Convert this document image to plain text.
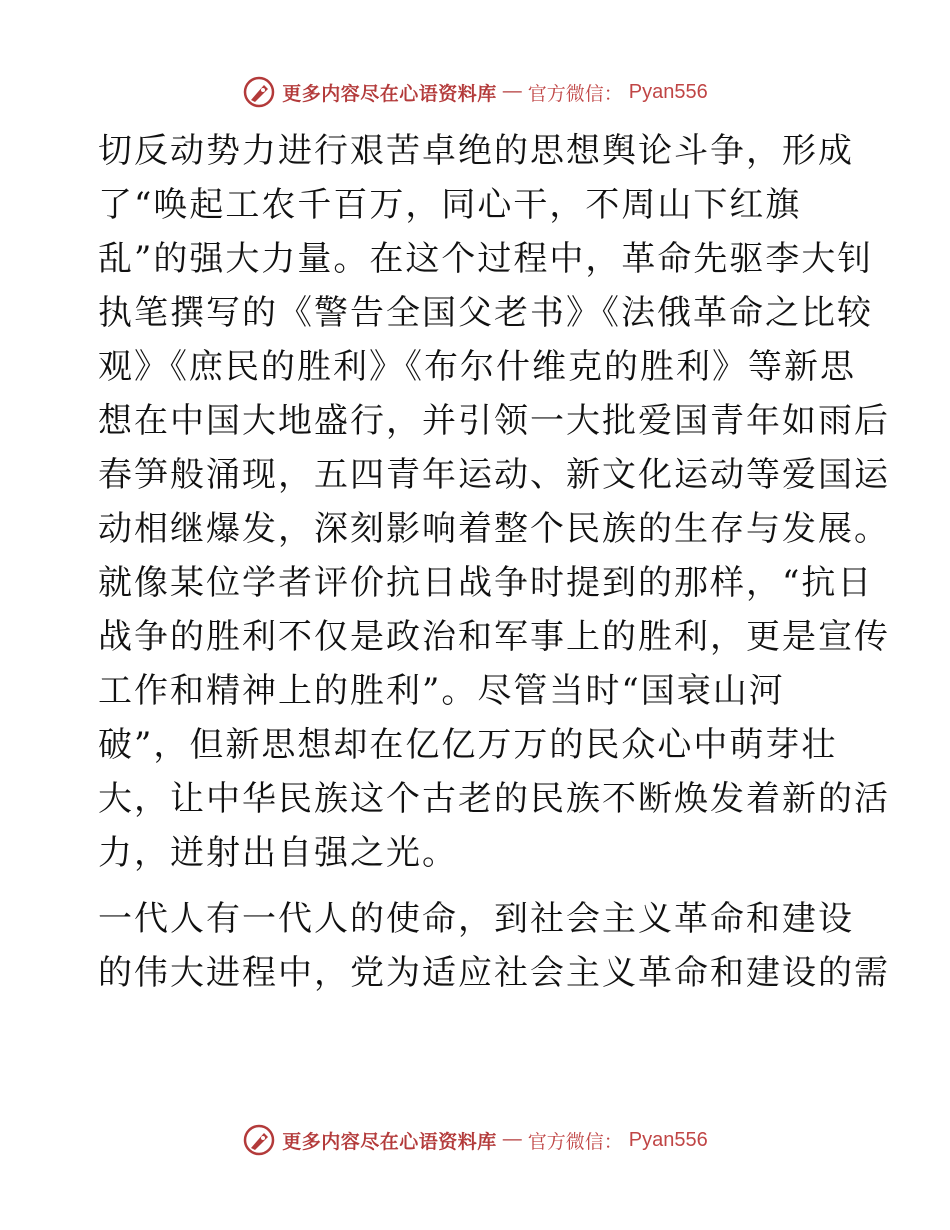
更多内容尽在心语资料库 — 官方微信： Pyan556
切反动势力进行艰苦卓绝的思想舆论斗争，形成
了“唤起工农千百万，同心干，不周山下红旗
乱”的强大力量。在这个过程中，革命先驱李大钊
执笔撰写的《警告全国父老书》《法俄革命之比较
观》《庶民的胜利》《布尔什维克的胜利》等新思
想在中国大地盛行，并引领一大批爱国青年如雨后
春笋般涌现，五四青年运动、新文化运动等爱国运
动相继爆发，深刻影响着整个民族的生存与发展。
就像某位学者评价抗日战争时提到的那样，“抗日
战争的胜利不仅是政治和军事上的胜利，更是宣传
工作和精神上的胜利”。尽管当时“国衰山河
破”，但新思想却在亿亿万万的民众心中萌芽壮
大，让中华民族这个古老的民族不断焕发着新的活
力，迸射出自强之光。
一代人有一代人的使命，到社会主义革命和建设
的伟大进程中，党为适应社会主义革命和建设的需
更多内容尽在心语资料库 — 官方微信： Pyan556
